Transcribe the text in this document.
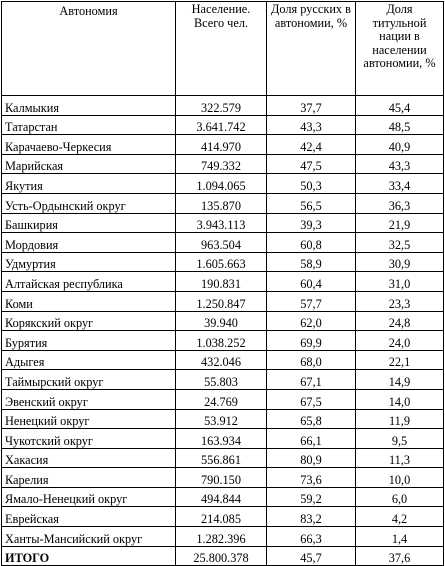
Автономия	Население. Всего чел.	Доля русских в автономии, %	Доля титульной нации в населении автономии, %
Калмыкия	322.579	37,7	45,4
Татарстан	3.641.742	43,3	48,5
Карачаево-Черкесия	414.970	42,4	40,9
Марийская	749.332	47,5	43,3
Якутия	1.094.065	50,3	33,4
Усть-Ордынский округ	135.870	56,5	36,3
Башкирия	3.943.113	39,3	21,9
Мордовия	963.504	60,8	32,5
Удмуртия	1.605.663	58,9	30,9
Алтайская республика	190.831	60,4	31,0
Коми	1.250.847	57,7	23,3
Корякский округ	39.940	62,0	24,8
Бурятия	1.038.252	69,9	24,0
Адыгея	432.046	68,0	22,1
Таймырский округ	55.803	67,1	14,9
Эвенский округ	24.769	67,5	14,0
Ненецкий округ	53.912	65,8	11,9
Чукотский округ	163.934	66,1	9,5
Хакасия	556.861	80,9	11,3
Карелия	790.150	73,6	10,0
Ямало-Ненецкий округ	494.844	59,2	6,0
Еврейская	214.085	83,2	4,2
Ханты-Мансийский округ	1.282.396	66,3	1,4
ИТОГО	25.800.378	45,7	37,6
